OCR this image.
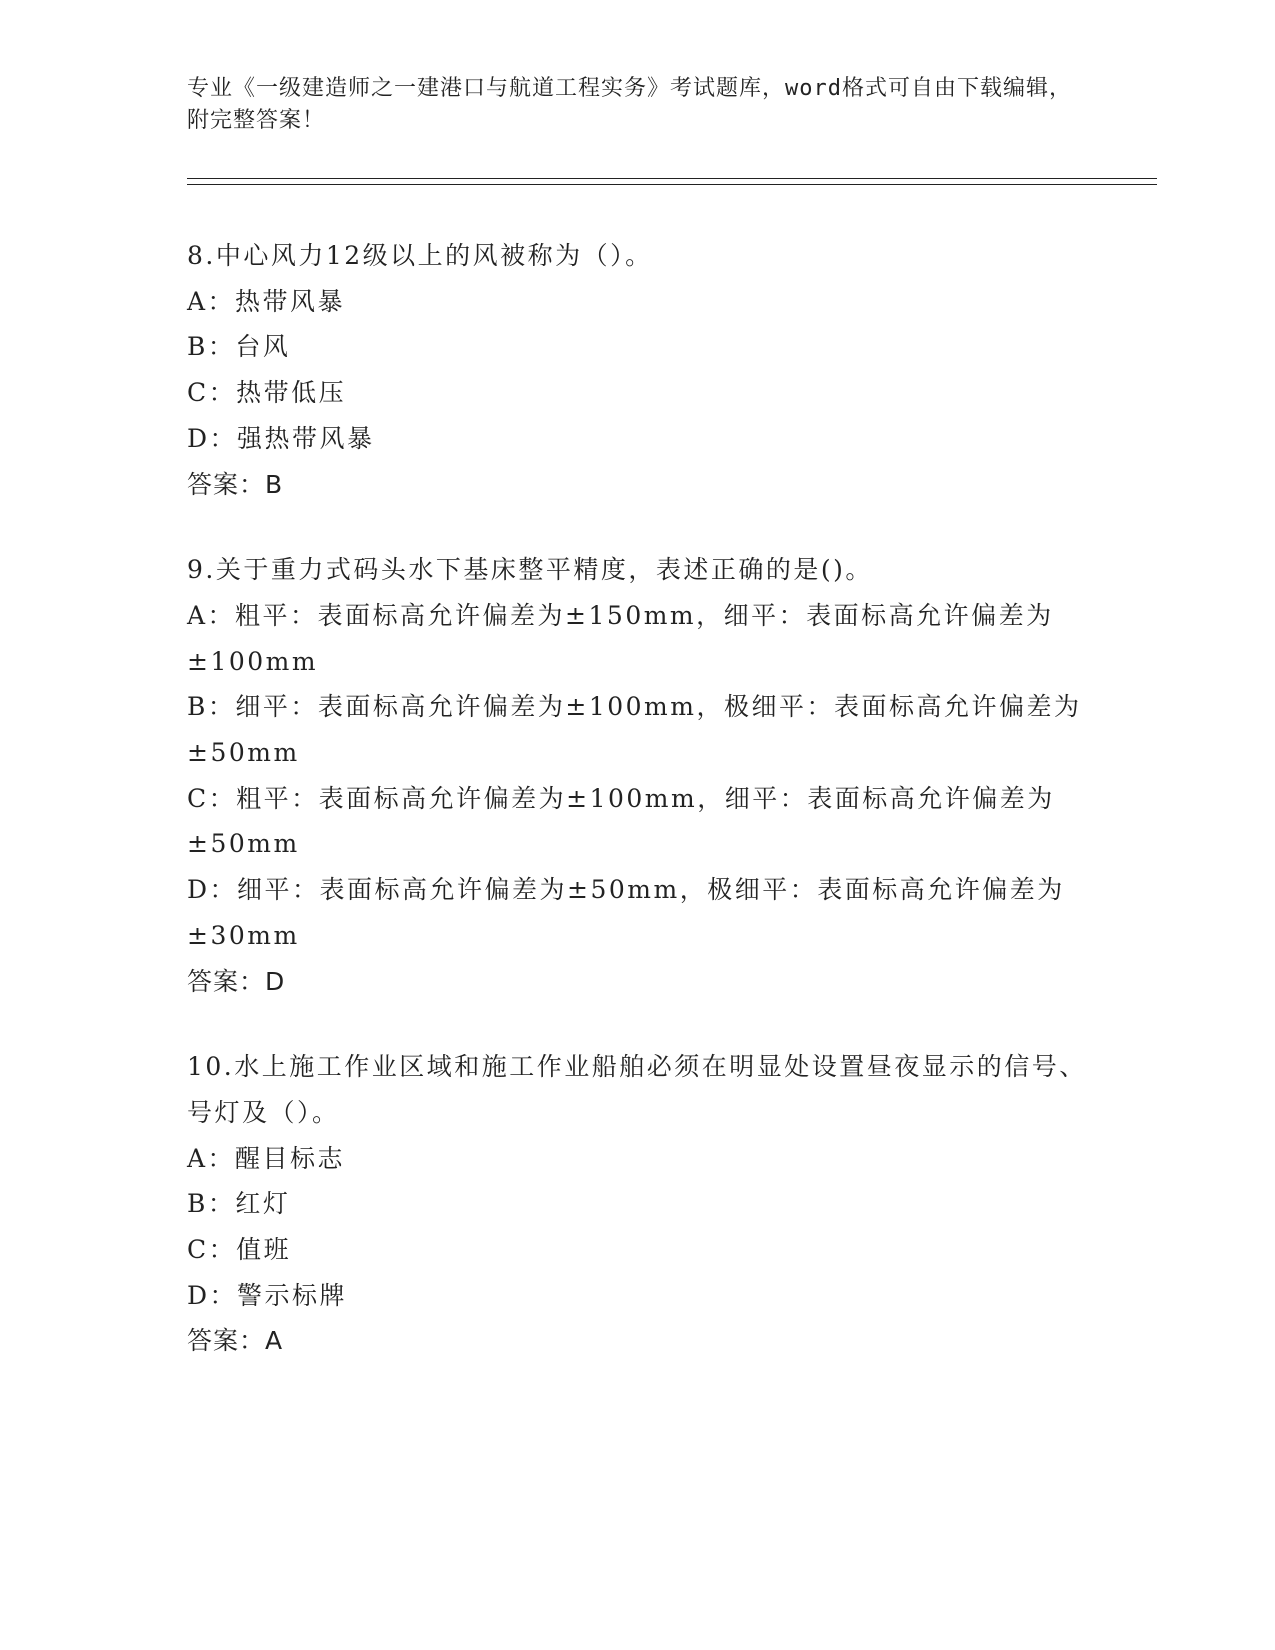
专业《一级建造师之一建港口与航道工程实务》考试题库，word格式可自由下载编辑，附完整答案！
8.中心风力12级以上的风被称为（）。
A：热带风暴
B：台风
C：热带低压
D：强热带风暴
答案：B
9.关于重力式码头水下基床整平精度，表述正确的是()。
A：粗平：表面标高允许偏差为±150mm，细平：表面标高允许偏差为±100mm
B：细平：表面标高允许偏差为±100mm，极细平：表面标高允许偏差为±50mm
C：粗平：表面标高允许偏差为±100mm，细平：表面标高允许偏差为±50mm
D：细平：表面标高允许偏差为±50mm，极细平：表面标高允许偏差为±30mm
答案：D
10.水上施工作业区域和施工作业船舶必须在明显处设置昼夜显示的信号、号灯及（）。
A：醒目标志
B：红灯
C：值班
D：警示标牌
答案：A
